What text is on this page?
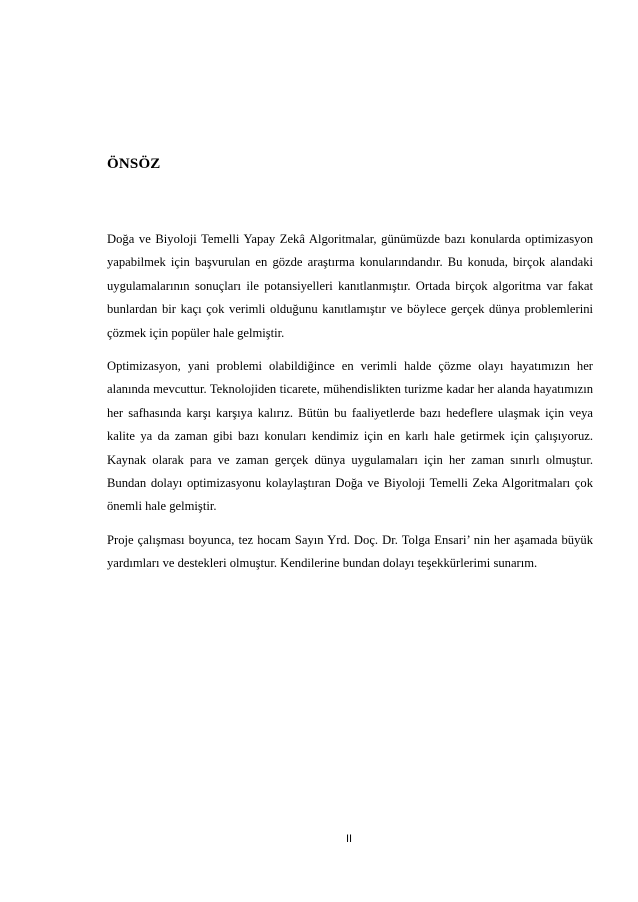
ÖNSÖZ

Doğa ve Biyoloji Temelli Yapay Zekâ Algoritmalar, günümüzde bazı konularda optimizasyon yapabilmek için başvurulan en gözde araştırma konularındandır. Bu konuda, birçok alandaki uygulamalarının sonuçları ile potansiyelleri kanıtlanmıştır. Ortada birçok algoritma var fakat bunlardan bir kaçı çok verimli olduğunu kanıtlamıştır ve böylece gerçek dünya problemlerini çözmek için popüler hale gelmiştir.

Optimizasyon, yani problemi olabildiğince en verimli halde çözme olayı hayatımızın her alanında mevcuttur. Teknolojiden ticarete, mühendislikten turizme kadar her alanda hayatımızın her safhasında karşı karşıya kalırız. Bütün bu faaliyetlerde bazı hedeflere ulaşmak için veya kalite ya da zaman gibi bazı konuları kendimiz için en karlı hale getirmek için çalışıyoruz. Kaynak olarak para ve zaman gerçek dünya uygulamaları için her zaman sınırlı olmuştur. Bundan dolayı optimizasyonu kolaylaştıran Doğa ve Biyoloji Temelli Zeka Algoritmaları çok önemli hale gelmiştir.

Proje çalışması boyunca, tez hocam Sayın Yrd. Doç. Dr. Tolga Ensari’ nin her aşamada büyük yardımları ve destekleri olmuştur. Kendilerine bundan dolayı teşekkürlerimi sunarım.

II
